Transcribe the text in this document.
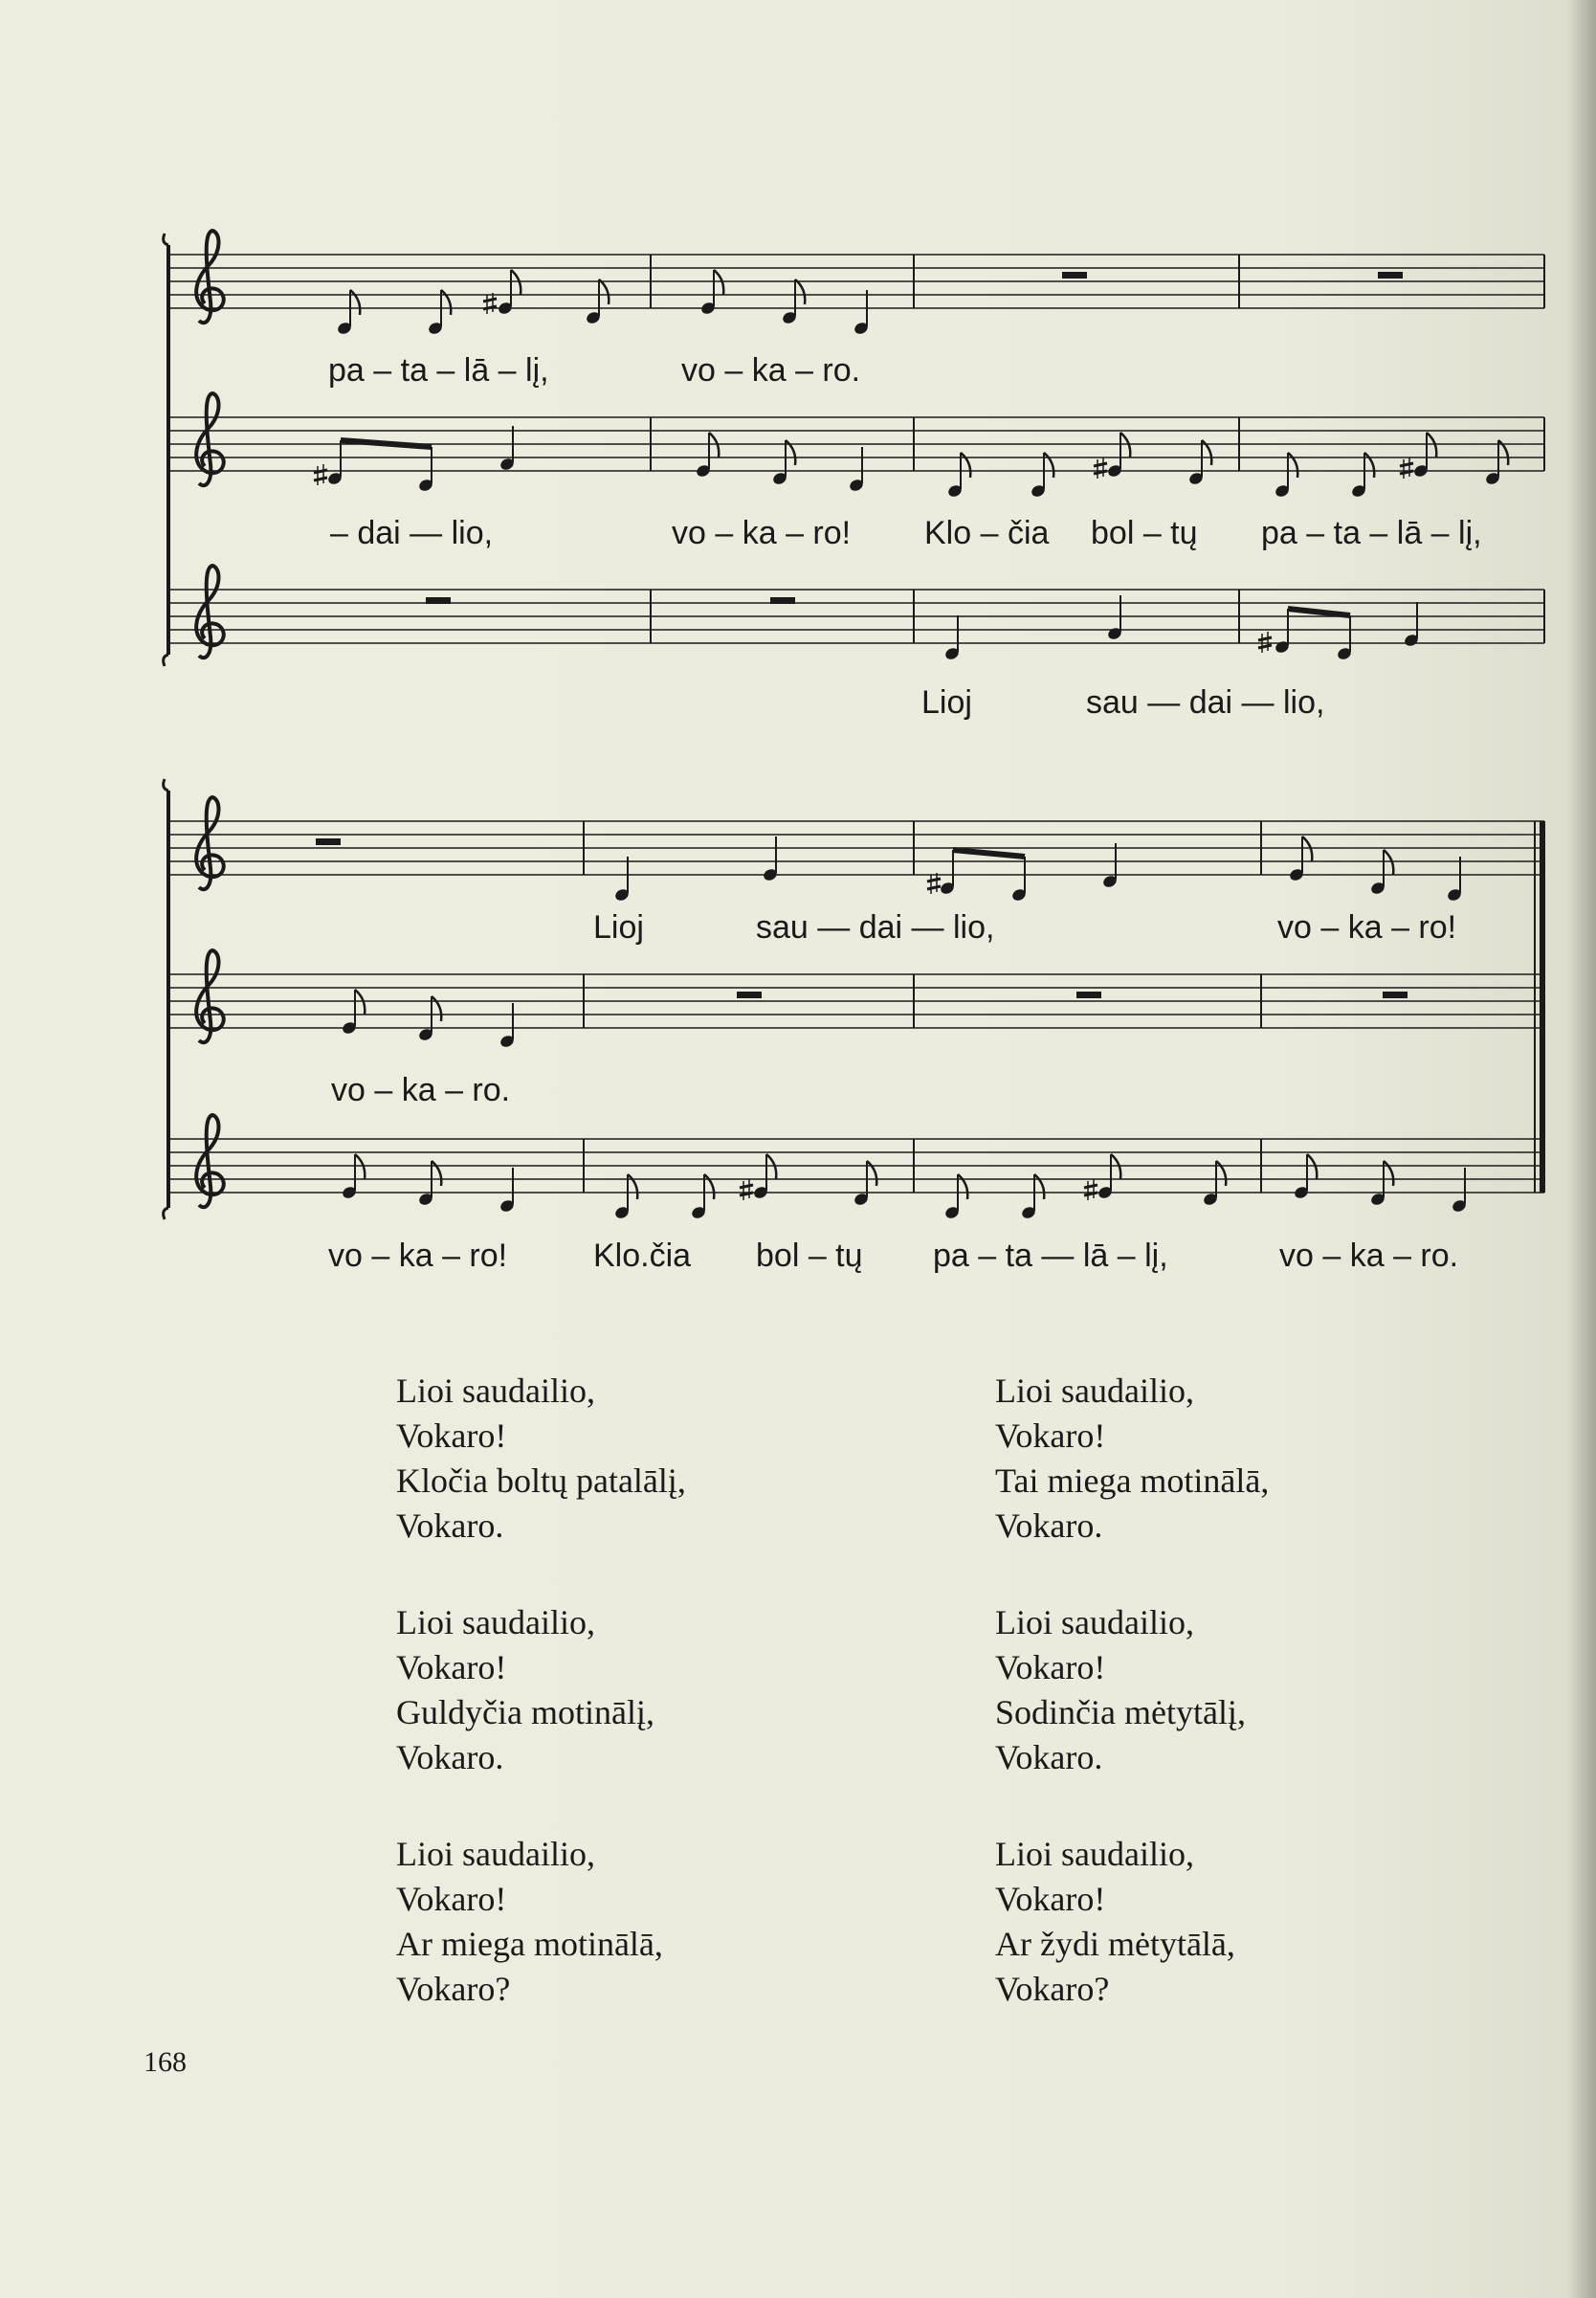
pa – ta – lā – lį,	vo – ka – ro.
– dai — lio,	vo – ka – ro! Klo – čia bol – tų pa – ta – lā – lį,
Lioj	sau — dai — lio,
Lioj	sau — dai — lio,	vo – ka – ro!
vo – ka – ro.
vo – ka – ro!	Klo.čia bol – tų pa – ta — lā – lį,	vo – ka – ro.
Lioi saudailio,
Vokaro!
Kločia boltų patalālį,
Vokaro.
Lioi saudailio,
Vokaro!
Tai miega motinālā,
Vokaro.
Lioi saudailio,
Vokaro!
Guldyčia motinālį,
Vokaro.
Lioi saudailio,
Vokaro!
Sodinčia mėtytālį,
Vokaro.
Lioi saudailio,
Vokaro!
Ar miega motinālā,
Vokaro?
Lioi saudailio,
Vokaro!
Ar žydi mėtytālā,
Vokaro?
168
